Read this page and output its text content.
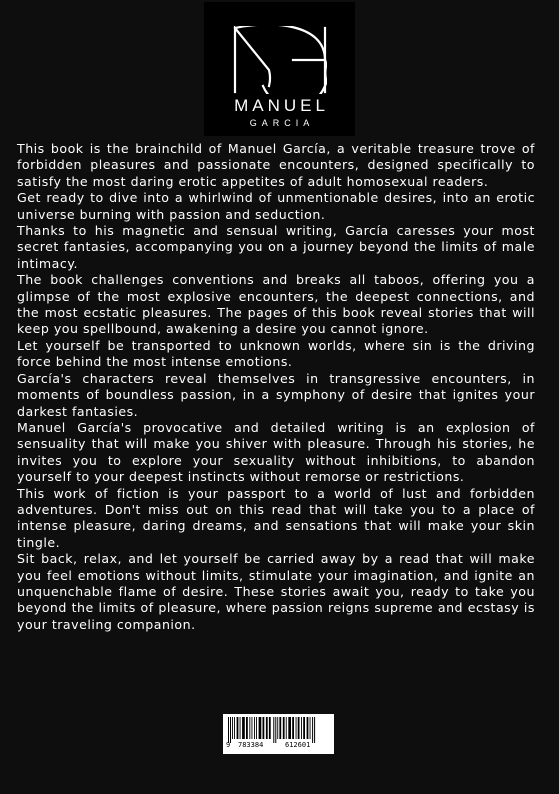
MANUEL
GARCIA

This book is the brainchild of Manuel García, a veritable treasure trove of forbidden pleasures and passionate encounters, designed specifically to satisfy the most daring erotic appetites of adult homosexual readers.

Get ready to dive into a whirlwind of unmentionable desires, into an erotic universe burning with passion and seduction.

Thanks to his magnetic and sensual writing, García caresses your most secret fantasies, accompanying you on a journey beyond the limits of male intimacy.

The book challenges conventions and breaks all taboos, offering you a glimpse of the most explosive encounters, the deepest connections, and the most ecstatic pleasures. The pages of this book reveal stories that will keep you spellbound, awakening a desire you cannot ignore.

Let yourself be transported to unknown worlds, where sin is the driving force behind the most intense emotions.

García's characters reveal themselves in transgressive encounters, in moments of boundless passion, in a symphony of desire that ignites your darkest fantasies.

Manuel García's provocative and detailed writing is an explosion of sensuality that will make you shiver with pleasure. Through his stories, he invites you to explore your sexuality without inhibitions, to abandon yourself to your deepest instincts without remorse or restrictions.

This work of fiction is your passport to a world of lust and forbidden adventures. Don't miss out on this read that will take you to a place of intense pleasure, daring dreams, and sensations that will make your skin tingle.

Sit back, relax, and let yourself be carried away by a read that will make you feel emotions without limits, stimulate your imagination, and ignite an unquenchable flame of desire. These stories await you, ready to take you beyond the limits of pleasure, where passion reigns supreme and ecstasy is your traveling companion.

9 783384	612601
